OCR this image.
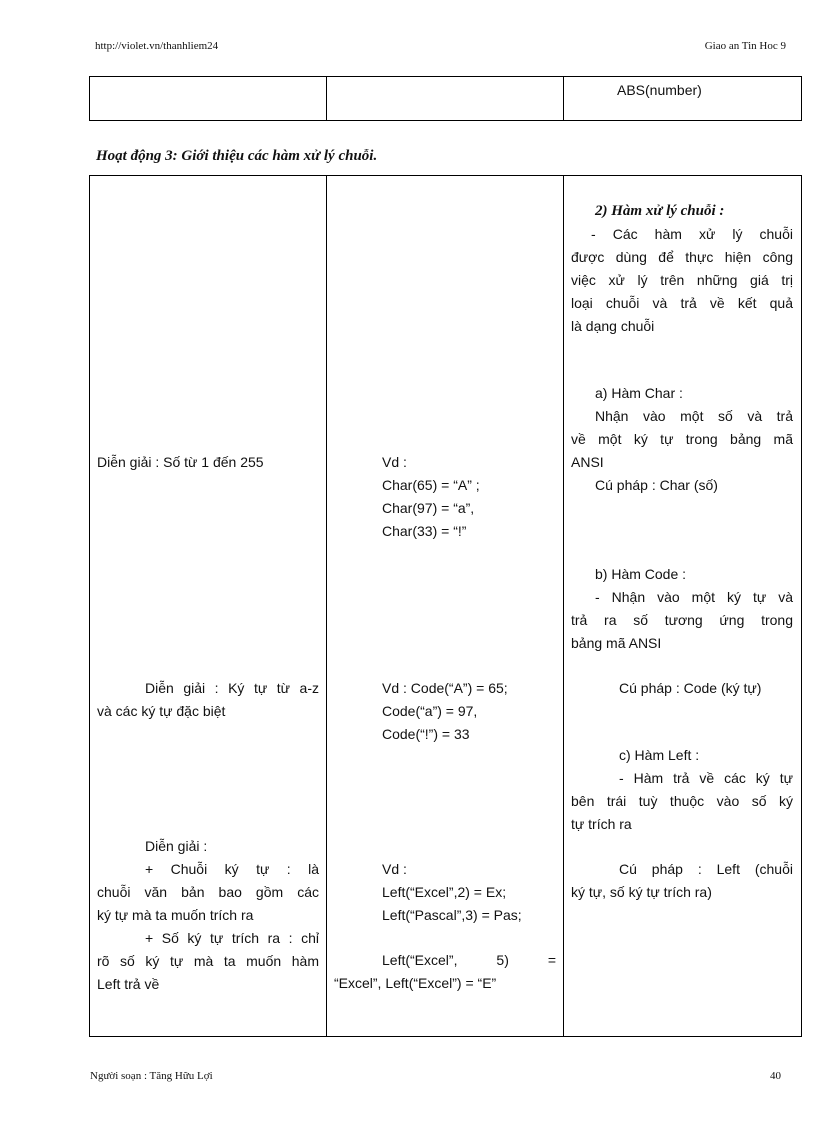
http://violet.vn/thanhliem24	Giao an Tin Hoc 9
ABS(number)
Hoạt động 3: Giới thiệu các hàm xử lý chuỗi.
2) Hàm xử lý chuỗi :
- Các hàm xử lý chuỗi
được dùng để thực hiện công
việc xử lý trên những giá trị
loại chuỗi và trả về kết quả
là dạng chuỗi
a) Hàm Char :
Nhận vào một số và trả
về một ký tự trong bảng mã
ANSI
Cú pháp : Char (số)
b) Hàm Code :
- Nhận vào một ký tự và
trả ra số tương ứng trong
bảng mã ANSI
Cú pháp : Code (ký tự)
c) Hàm Left :
- Hàm trả về các ký tự
bên trái tuỳ thuộc vào số ký
tự trích ra
Cú pháp : Left (chuỗi
ký tự, số ký tự trích ra)
Vd :
Char(65) = “A” ;
Char(97) = “a”,
Char(33) = “!”
Vd : Code(“A”) = 65;
Code(“a”) = 97,
Code(“!”) = 33
Vd :
Left(“Excel”,2) = Ex;
Left(“Pascal”,3) = Pas;
Left(“Excel”, 5) =
“Excel”, Left(“Excel”) = “E”
Diễn giải : Số từ 1 đến 255
Diễn giải : Ký tự từ a-z
và các ký tự đặc biệt
Diễn giải :
+ Chuỗi ký tự : là
chuỗi văn bản bao gồm các
ký tự mà ta muốn trích ra
+ Số ký tự trích ra : chỉ
rõ số ký tự mà ta muốn hàm
Left trả về
Người soạn : Tăng Hữu Lợi	40
